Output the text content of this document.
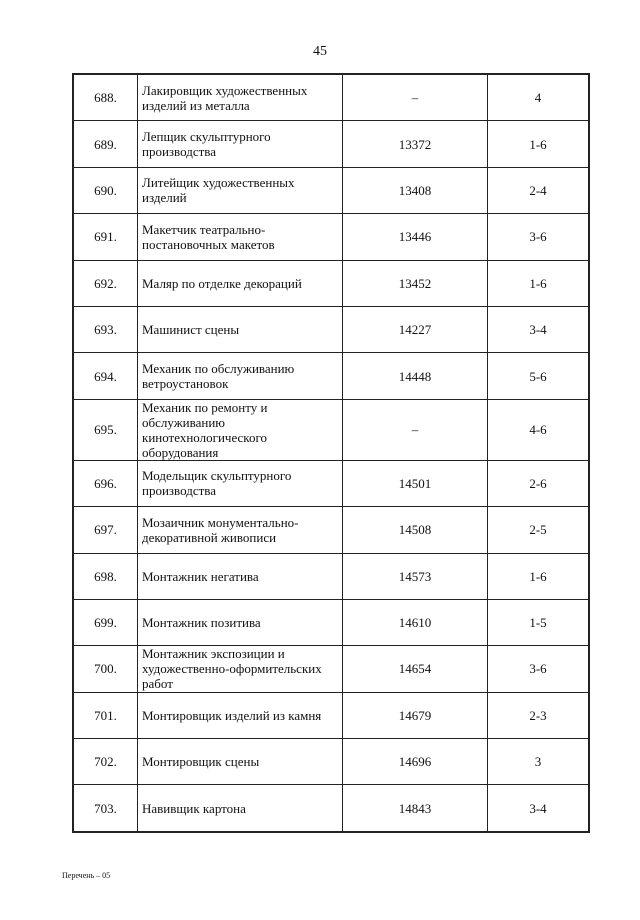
45
688.	Лакировщик художественных изделий из металла	–	4
689.	Лепщик скульптурного производства	13372	1-6
690.	Литейщик художественных изделий	13408	2-4
691.	Макетчик театрально-постановочных макетов	13446	3-6
692.	Маляр по отделке декораций	13452	1-6
693.	Машинист сцены	14227	3-4
694.	Механик по обслуживанию ветроустановок	14448	5-6
695.	Механик по ремонту и обслуживанию кинотехнологического оборудования	–	4-6
696.	Модельщик скульптурного производства	14501	2-6
697.	Мозаичник монументально-декоративной живописи	14508	2-5
698.	Монтажник негатива	14573	1-6
699.	Монтажник позитива	14610	1-5
700.	Монтажник экспозиции и художественно-оформительских работ	14654	3-6
701.	Монтировщик изделий из камня	14679	2-3
702.	Монтировщик сцены	14696	3
703.	Навивщик картона	14843	3-4
Перечень – 05
